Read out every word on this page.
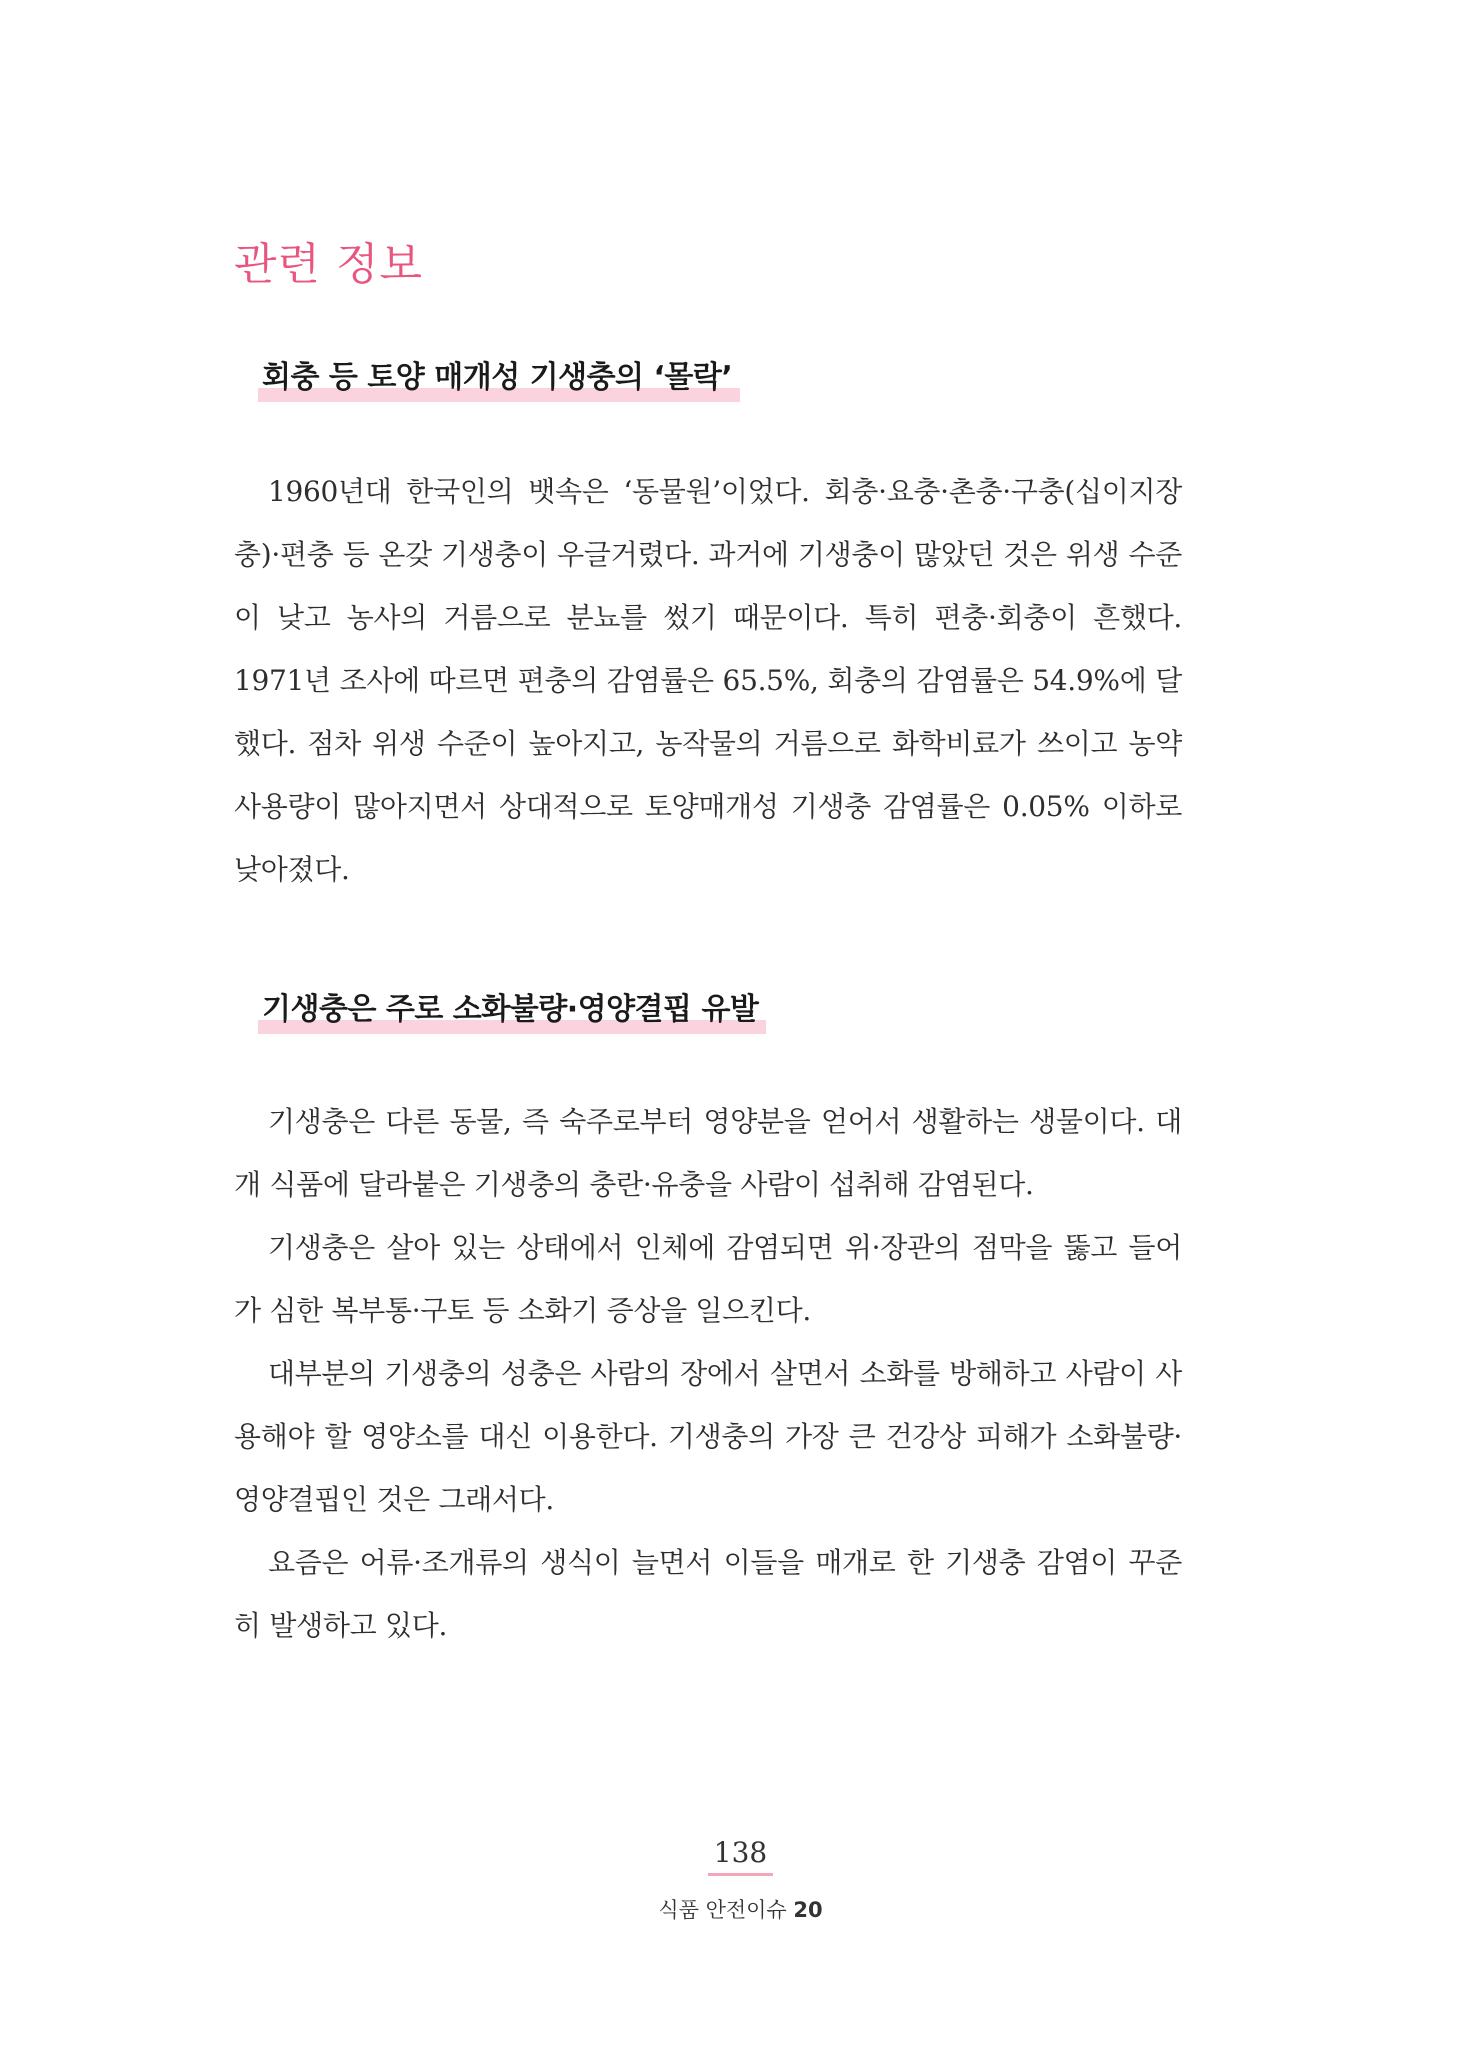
관련 정보
회충 등 토양 매개성 기생충의 ‘몰락’

1960년대 한국인의 뱃속은 ‘동물원’이었다. 회충·요충·촌충·구충(십이지장충)·편충 등 온갖 기생충이 우글거렸다. 과거에 기생충이 많았던 것은 위생 수준이 낮고 농사의 거름으로 분뇨를 썼기 때문이다. 특히 편충·회충이 흔했다. 1971년 조사에 따르면 편충의 감염률은 65.5%, 회충의 감염률은 54.9%에 달했다. 점차 위생 수준이 높아지고, 농작물의 거름으로 화학비료가 쓰이고 농약 사용량이 많아지면서 상대적으로 토양매개성 기생충 감염률은 0.05% 이하로 낮아졌다.

기생충은 주로 소화불량·영양결핍 유발

기생충은 다른 동물, 즉 숙주로부터 영양분을 얻어서 생활하는 생물이다. 대개 식품에 달라붙은 기생충의 충란·유충을 사람이 섭취해 감염된다.

기생충은 살아 있는 상태에서 인체에 감염되면 위·장관의 점막을 뚫고 들어가 심한 복부통·구토 등 소화기 증상을 일으킨다.

대부분의 기생충의 성충은 사람의 장에서 살면서 소화를 방해하고 사람이 사용해야 할 영양소를 대신 이용한다. 기생충의 가장 큰 건강상 피해가 소화불량·영양결핍인 것은 그래서다.

요즘은 어류·조개류의 생식이 늘면서 이들을 매개로 한 기생충 감염이 꾸준히 발생하고 있다.

138
식품 안전이슈 20
